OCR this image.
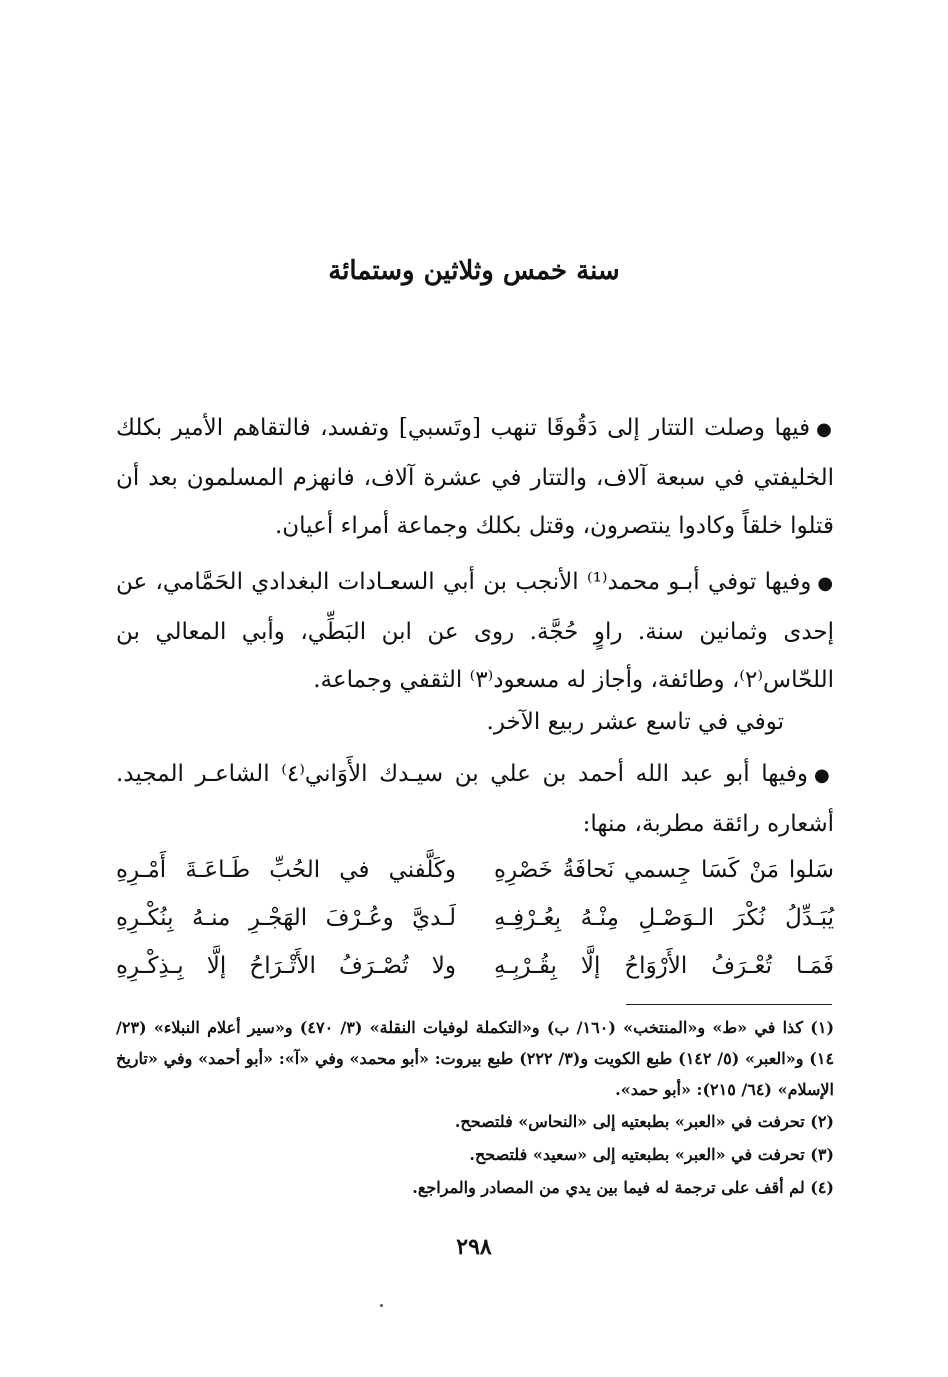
سنة خمس وثلاثين وستمائة

●فيها وصلت التتار إلى دَقُوقَا تنهب [وتَسبي] وتفسد، فالتقاهم الأمير بكلك الخليفتي في سبعة آلاف، والتتار في عشرة آلاف، فانهزم المسلمون بعد أن قتلوا خلقاً وكادوا ينتصرون، وقتل بكلك وجماعة أمراء أعيان.

●وفيها توفي أبـو محمد⁽¹⁾ الأنجب بن أبي السعـادات البغدادي الحَمَّامي، عن إحدى وثمانين سنة. راوٍ حُجَّة. روى عن ابن البَطِّي، وأبي المعالي بن اللحّاس⁽٢⁾، وطائفة، وأجاز له مسعود⁽٣⁾ الثقفي وجماعة.

توفي في تاسع عشر ربيع الآخر.

●وفيها أبو عبد الله أحمد بن علي بن سيـدك الأَوَاني⁽٤⁾ الشاعـر المجيد. أشعاره رائقة مطربة، منها:

سَلوا مَنْ كَسَا جِسمي نَحافَةُ خَصْرِهِ
وكَلَّفني في الحُبِّ طَـاعَـةَ أَمْـرِهِ
يُبَـدِّلُ نُكْرَ الـوَصْـلِ مِنْـهُ بِعُـرْفِـهِ
لَـديَّ وعُـرْفَ الهَجْـرِ منـهُ بِنُكْـرِهِ
فَمَـا تُعْـرَفُ الأَرْوَاحُ إلَّا بِقُـرْبِـهِ
ولا تُصْـرَفُ الأَتْـرَاحُ إلَّا بِـذِكْـرِهِ

(١) كذا في «ط» و«المنتخب» (١٦٠/ ب) و«التكملة لوفيات النقلة» (٣/ ٤٧٠) و«سير أعلام النبلاء» (٢٣/ ١٤) و«العبر» (٥/ ١٤٢) طبع الكويت و(٣/ ٢٢٢) طبع بيروت: «أبو محمد» وفي «آ»: «أبو أحمد» وفي «تاريخ الإسلام» (٦٤/ ٢١٥): «أبو حمد».

(٢) تحرفت في «العبر» بطبعتيه إلى «النحاس» فلتصحح.

(٣) تحرفت في «العبر» بطبعتيه إلى «سعيد» فلتصحح.

(٤) لم أقف على ترجمة له فيما بين يدي من المصادر والمراجع.

٢٩٨
